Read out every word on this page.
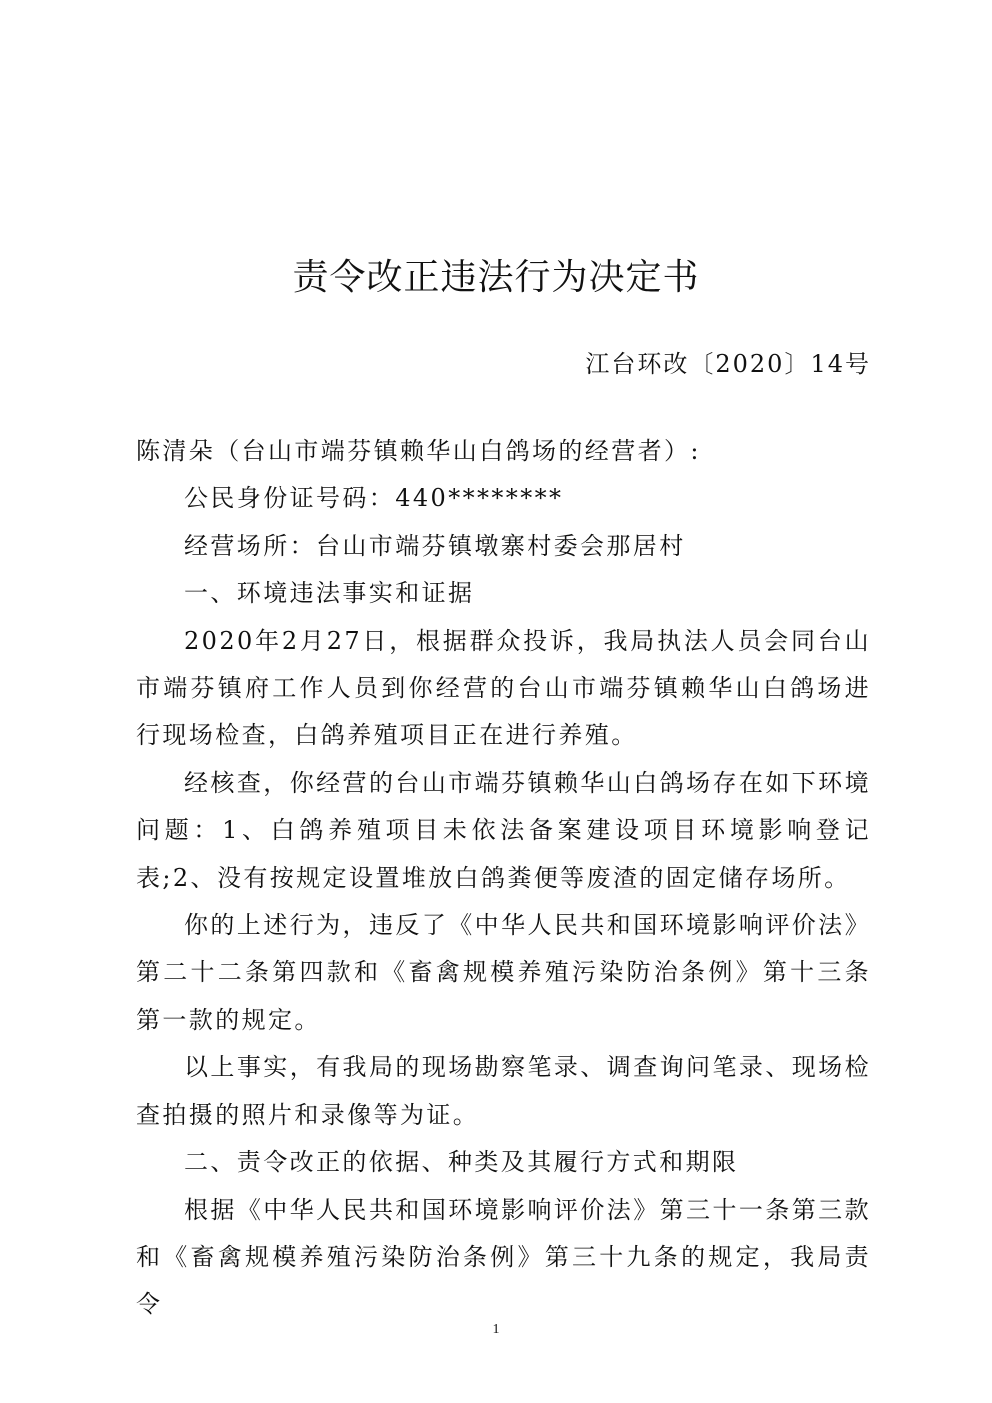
责令改正违法行为决定书

江台环改〔2020〕14号

陈清朵（台山市端芬镇赖华山白鸽场的经营者）:

公民身份证号码：440********

经营场所：台山市端芬镇墩寨村委会那居村

一、环境违法事实和证据

2020年2月27日，根据群众投诉，我局执法人员会同台山市端芬镇府工作人员到你经营的台山市端芬镇赖华山白鸽场进行现场检查，白鸽养殖项目正在进行养殖。

经核查，你经营的台山市端芬镇赖华山白鸽场存在如下环境问题：1、白鸽养殖项目未依法备案建设项目环境影响登记表;2、没有按规定设置堆放白鸽粪便等废渣的固定储存场所。

你的上述行为，违反了《中华人民共和国环境影响评价法》第二十二条第四款和《畜禽规模养殖污染防治条例》第十三条第一款的规定。

以上事实，有我局的现场勘察笔录、调查询问笔录、现场检查拍摄的照片和录像等为证。

二、责令改正的依据、种类及其履行方式和期限

根据《中华人民共和国环境影响评价法》第三十一条第三款和《畜禽规模养殖污染防治条例》第三十九条的规定，我局责令

1
